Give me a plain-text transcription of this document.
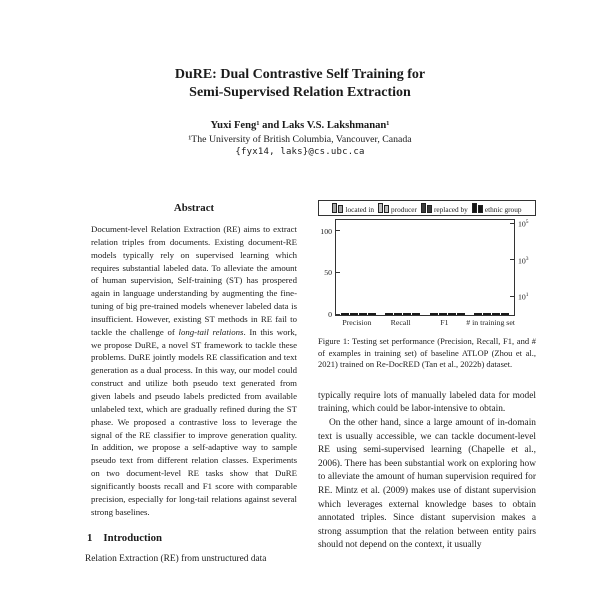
DuRE: Dual Contrastive Self Training for
Semi-Supervised Relation Extraction
Yuxi Feng¹ and Laks V.S. Lakshmanan¹
¹The University of British Columbia, Vancouver, Canada
{fyx14, laks}@cs.ubc.ca
Abstract

Document-level Relation Extraction (RE) aims to extract relation triples from documents. Existing document-RE models typically rely on supervised learning which requires substantial labeled data. To alleviate the amount of human supervision, Self-training (ST) has prospered again in language understanding by augmenting the fine-tuning of big pre-trained models whenever labeled data is insufficient. However, existing ST methods in RE fail to tackle the challenge of long-tail relations. In this work, we propose DuRE, a novel ST framework to tackle these problems. DuRE jointly models RE classification and text generation as a dual process. In this way, our model could construct and utilize both pseudo text generated from given labels and pseudo labels predicted from available unlabeled text, which are gradually refined during the ST phase. We proposed a contrastive loss to leverage the signal of the RE classifier to improve generation quality. In addition, we propose a self-adaptive way to sample pseudo text from different relation classes. Experiments on two document-level RE tasks show that DuRE significantly boosts recall and F1 score with comparable precision, especially for long-tail relations against several strong baselines.

1 Introduction

Relation Extraction (RE) from unstructured data

located in producer replaced by ethnic group
0
50
100
$10^1$
$10^3$
$10^5$
Precision	Recall	F1	# in training set
Figure 1: Testing set performance (Precision, Recall, F1, and # of examples in training set) of baseline ATLOP (Zhou et al., 2021) trained on Re-DocRED (Tan et al., 2022b) dataset.

typically require lots of manually labeled data for model training, which could be labor-intensive to obtain.

On the other hand, since a large amount of in-domain text is usually accessible, we can tackle document-level RE using semi-supervised learning (Chapelle et al., 2006). There has been substantial work on exploring how to alleviate the amount of human supervision required for RE. Mintz et al. (2009) makes use of distant supervision which leverages external knowledge bases to obtain annotated triples. Since distant supervision makes a strong assumption that the relation between entity pairs should not depend on the context, it usually
